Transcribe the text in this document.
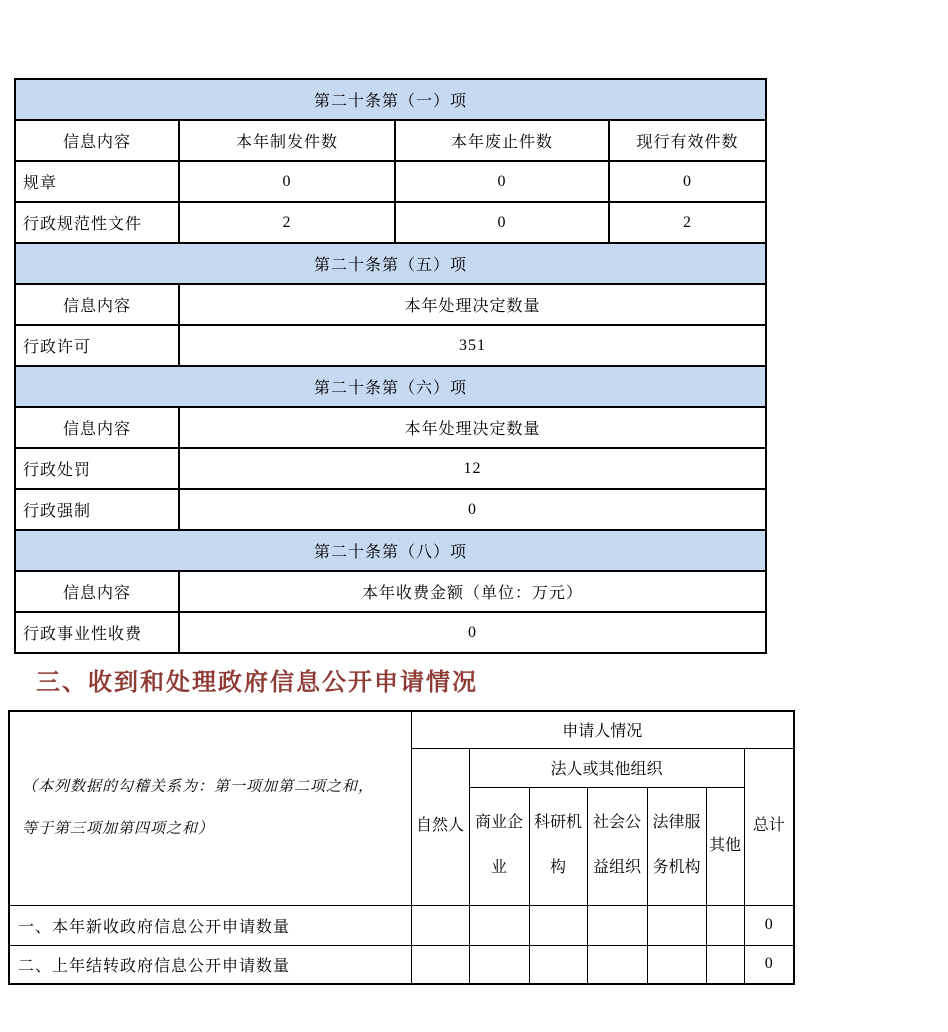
第二十条第（一）项			
信息内容	本年制发件数	本年废止件数	现行有效件数
规章	0	0	0
行政规范性文件	2	0	2
第二十条第（五）项			
信息内容	本年处理决定数量		
行政许可	351		
第二十条第（六）项			
信息内容	本年处理决定数量		
行政处罚	12		
行政强制	0		
第二十条第（八）项			
信息内容	本年收费金额（单位：万元）		
行政事业性收费	0		
三、收到和处理政府信息公开申请情况
（本列数据的勾稽关系为：第一项加第二项之和，
等于第三项加第四项之和）	申请人情况						
	自然人	法人或其他组织					总计
		商业企业	科研机构	社会公益组织	法律服务机构	其他	
一、本年新收政府信息公开申请数量							0
二、上年结转政府信息公开申请数量							0
